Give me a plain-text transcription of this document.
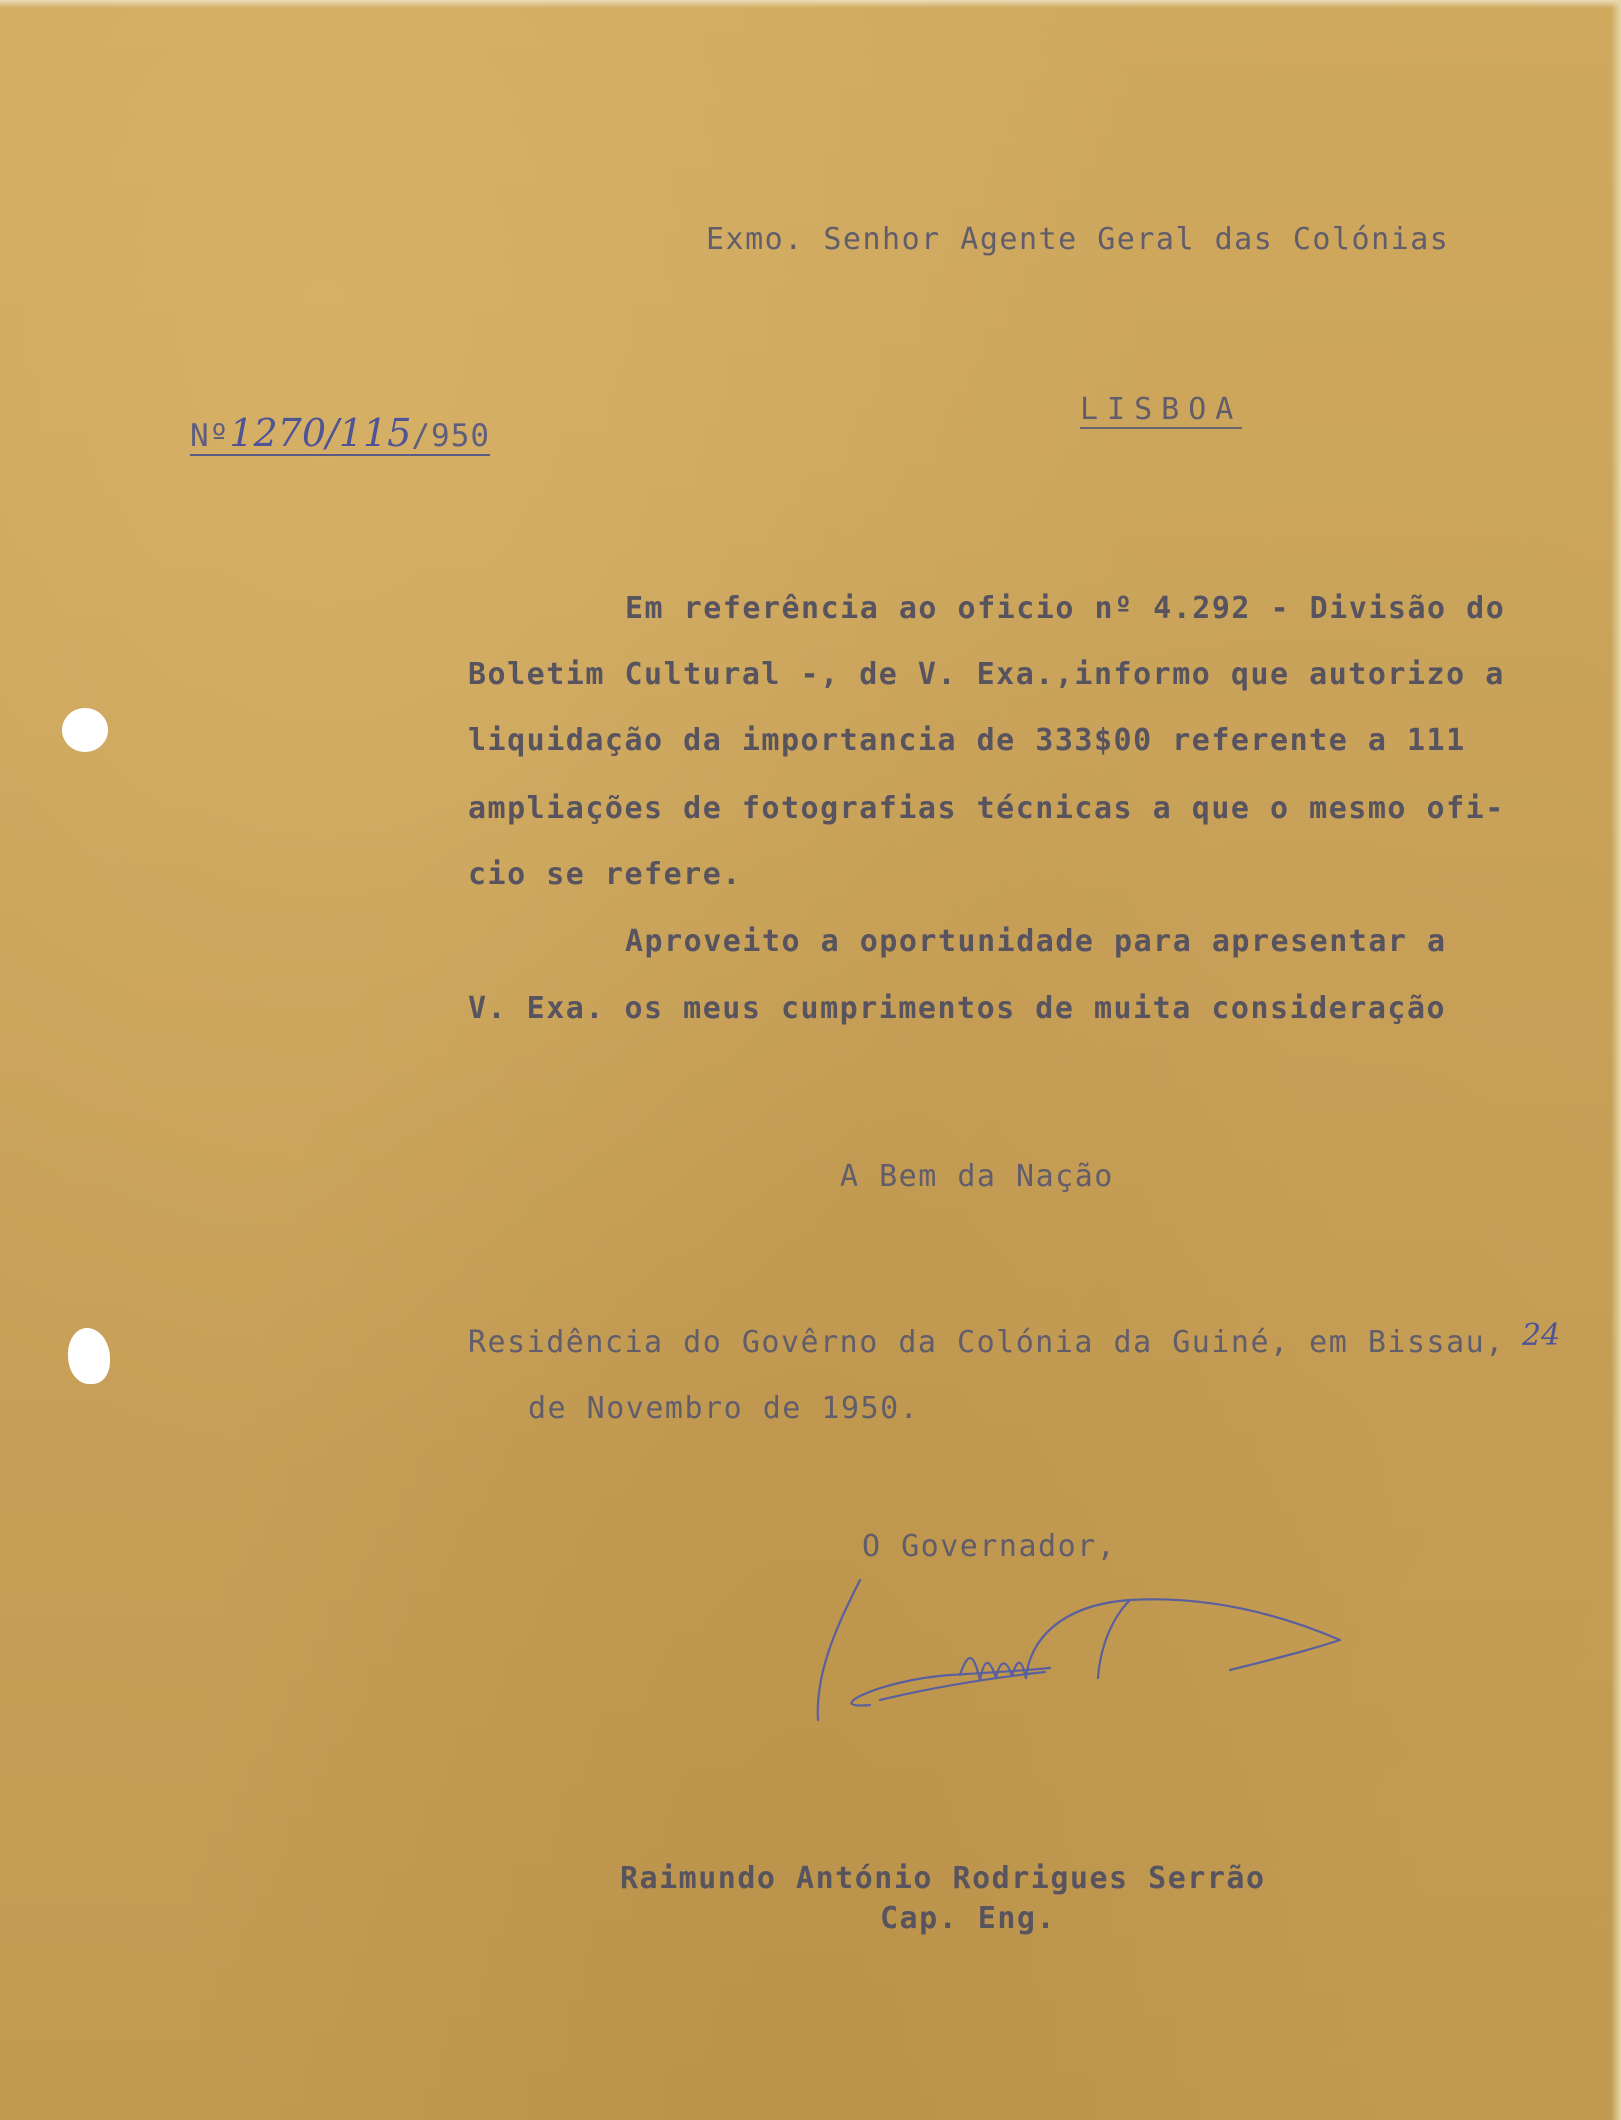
Exmo. Senhor Agente Geral das Colónias
LISBOA
Nº1270/115/950
Em referência ao oficio nº 4.292 - Divisão do
Boletim Cultural -, de V. Exa.,informo que autorizo a
liquidação da importancia de 333$00 referente a 111
ampliações de fotografias técnicas a que o mesmo ofi-
cio se refere.
Aproveito a oportunidade para apresentar a
V. Exa. os meus cumprimentos de muita consideração
A Bem da Nação
Residência do Govêrno da Colónia da Guiné, em Bissau, 24
de Novembro de 1950.
O Governador,
Raimundo António Rodrigues Serrão
Cap. Eng.
